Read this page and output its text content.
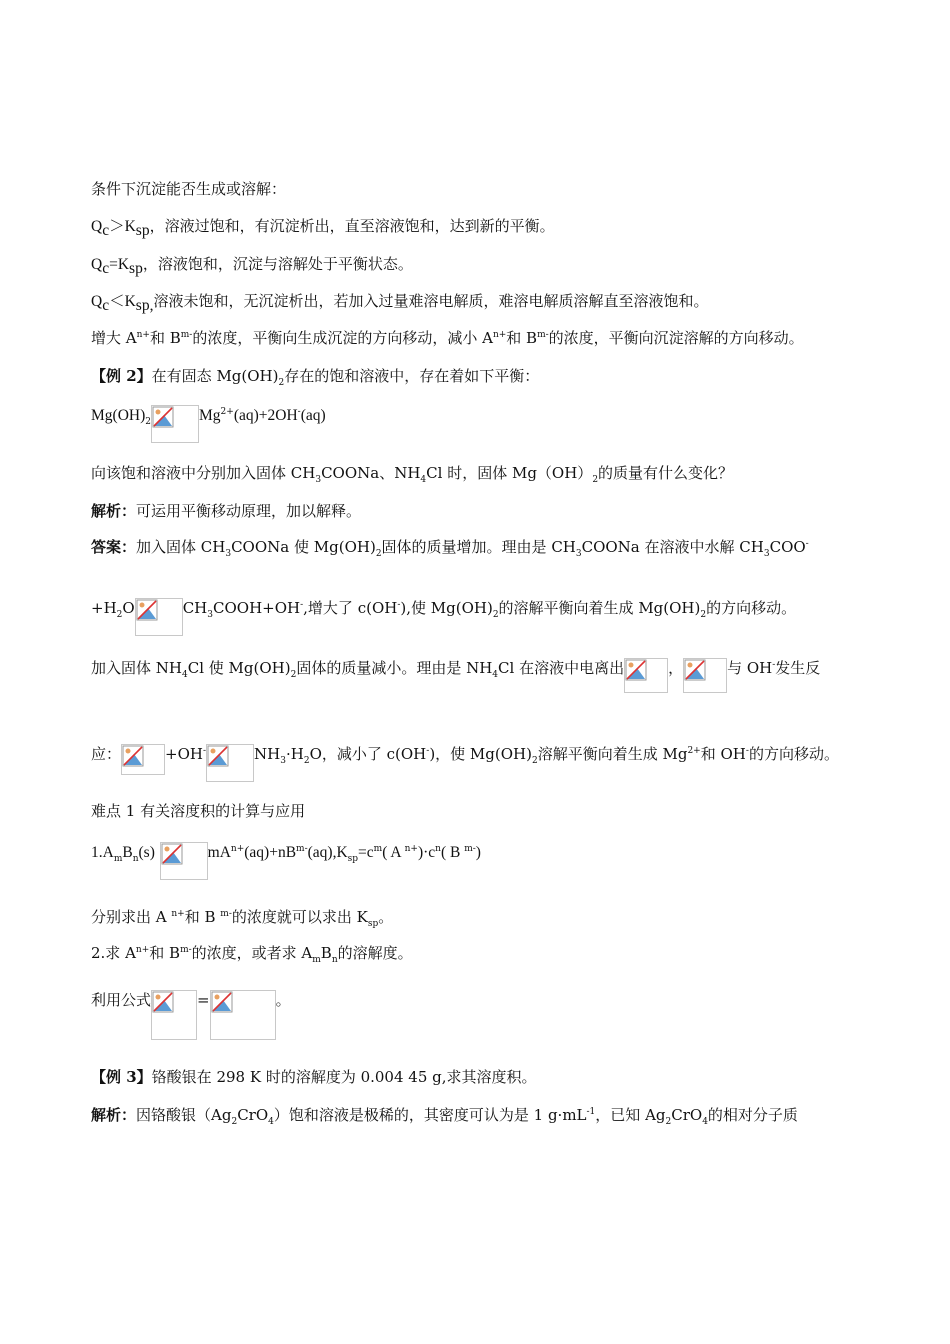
条件下沉淀能否生成或溶解：
$Q_c>K_{sp}$，溶液过饱和，有沉淀析出，直至溶液饱和，达到新的平衡。
$Q_c=K_{sp}$，溶液饱和，沉淀与溶解处于平衡状态。
$Q_c<K_{sp,}$溶液未饱和，无沉淀析出，若加入过量难溶电解质，难溶电解质溶解直至溶液饱和。
增大 $A^{n+}$和 $B^{m-}$的浓度，平衡向生成沉淀的方向移动，减小 $A^{n+}$和 $B^{m-}$的浓度，平衡向沉淀溶解的方向移动。
【例 2】在有固态 $Mg(OH)_2$存在的饱和溶液中，存在着如下平衡：
$Mg(OH)_2$	$Mg^{2+}(aq)+2OH^-(aq)$
向该饱和溶液中分别加入固体 $CH_3COONa$、$NH_4Cl$ 时，固体 $Mg(OH)_2$的质量有什么变化？
解析：可运用平衡移动原理，加以解释。
答案：加入固体 $CH_3COONa$ 使 $Mg(OH)_2$固体的质量增加。理由是 $CH_3COONa$ 在溶液中水解 $CH_3COO^-$
$+H_2O$	$CH_3COOH+OH^-$,增大了 c(OH-),使 $Mg(OH)_2$的溶解平衡向着生成 $Mg(OH)_2$的方向移动。
加入固体 $NH_4Cl$ 使 $Mg(OH)_2$固体的质量减小。理由是 $NH_4Cl$ 在溶液中电离出	，	与 OH-发生反
应：	+OH-	$NH_3\cdot H_2O$，减小了 c(OH-)，使 $Mg(OH)_2$溶解平衡向着生成 $Mg^{2+}$和 OH-的方向移动。
难点 1 有关溶度积的计算与应用
$1.A_mB_n(s)$	$mA^{n+}(aq)+nB^{m-}(aq),K_{sp}=c^m$( A $^{n+})\cdot c^n$( B $^{m-}$)
分别求出 A $^{n+}$和 B $^{m-}$的浓度就可以求出 $K_{sp}$。
2.求 $A^{n+}$和 $B^{m-}$的浓度，或者求 $A_mB_n$的溶解度。
利用公式	=	。
【例 3】铬酸银在 298 K 时的溶解度为 0.004 45 g,求其溶度积。
解析：因铬酸银$(Ag_2CrO_4)$饱和溶液是极稀的，其密度可认为是 1 $g\cdot mL^{-1}$，已知 $Ag_2CrO_4$的相对分子质
